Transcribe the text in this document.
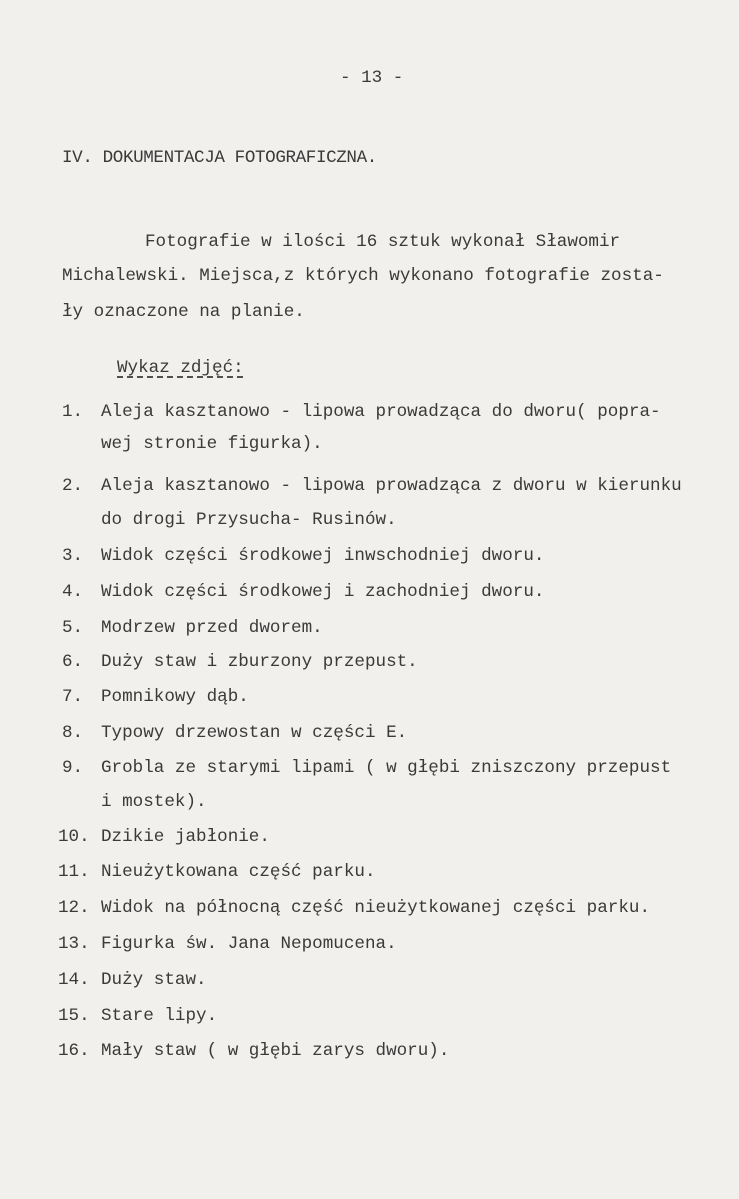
- 13 -
IV. DOKUMENTACJA FOTOGRAFICZNA.
Fotografie w ilości 16 sztuk wykonał Sławomir
Michalewski. Miejsca,z których wykonano fotografie zosta-
ły oznaczone na planie.
Wykaz zdjęć:
1. Aleja kasztanowo - lipowa prowadząca do dworu( popra-
wej stronie figurka).
2. Aleja kasztanowo - lipowa prowadząca z dworu w kierunku
do drogi Przysucha- Rusinów.
3. Widok części środkowej inwschodniej dworu.
4. Widok części środkowej i zachodniej dworu.
5. Modrzew przed dworem.
6. Duży staw i zburzony przepust.
7. Pomnikowy dąb.
8. Typowy drzewostan w części E.
9. Grobla ze starymi lipami ( w głębi zniszczony przepust
i mostek).
10. Dzikie jabłonie.
11. Nieużytkowana część parku.
12. Widok na północną część nieużytkowanej części parku.
13. Figurka św. Jana Nepomucena.
14. Duży staw.
15. Stare lipy.
16. Mały staw ( w głębi zarys dworu).
